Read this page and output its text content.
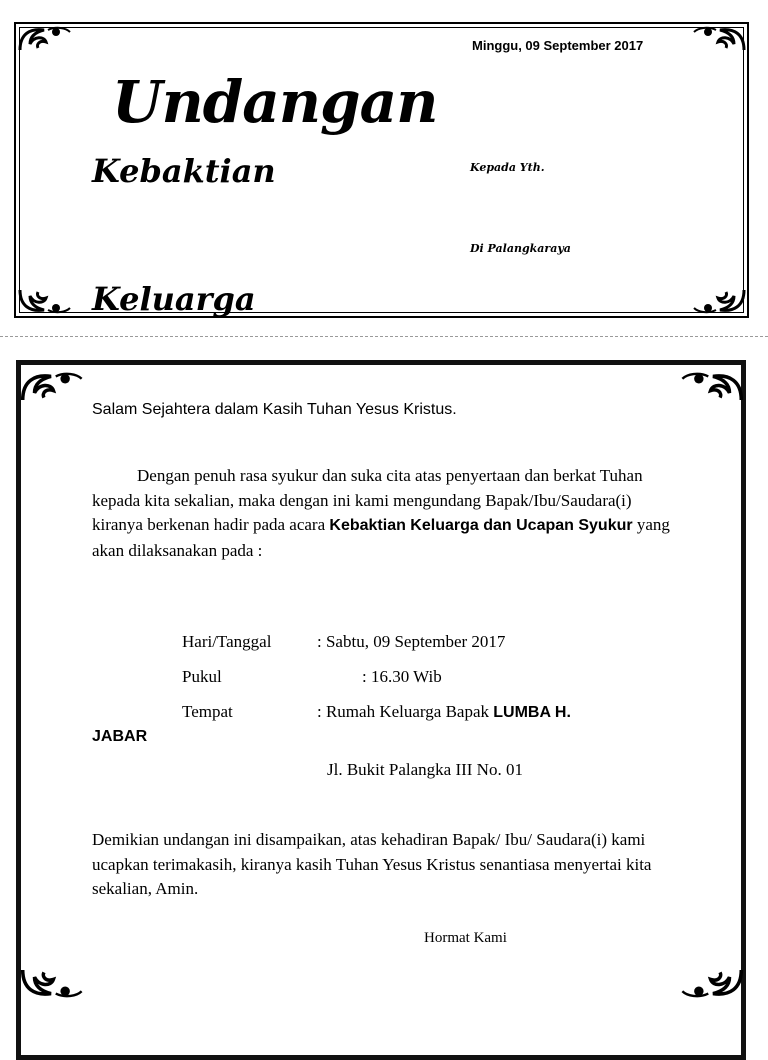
Minggu, 09 September 2017
Undangan
Kebaktian
Keluarga
Kepada Yth.
Di Palangkaraya
Salam Sejahtera dalam Kasih Tuhan Yesus Kristus.
Dengan penuh rasa syukur dan suka cita atas penyertaan dan berkat Tuhan kepada kita sekalian, maka dengan ini kami mengundang Bapak/Ibu/Saudara(i) kiranya berkenan hadir pada acara Kebaktian Keluarga dan Ucapan Syukur yang akan dilaksanakan pada :
Hari/Tanggal	: Sabtu, 09 September 2017
Pukul	: 16.30 Wib
Tempat	: Rumah Keluarga Bapak LUMBA H.
JABAR
Jl. Bukit Palangka III No. 01
Demikian undangan ini disampaikan, atas kehadiran Bapak/ Ibu/ Saudara(i) kami ucapkan terimakasih, kiranya kasih Tuhan Yesus Kristus senantiasa menyertai kita sekalian, Amin.
Hormat Kami
